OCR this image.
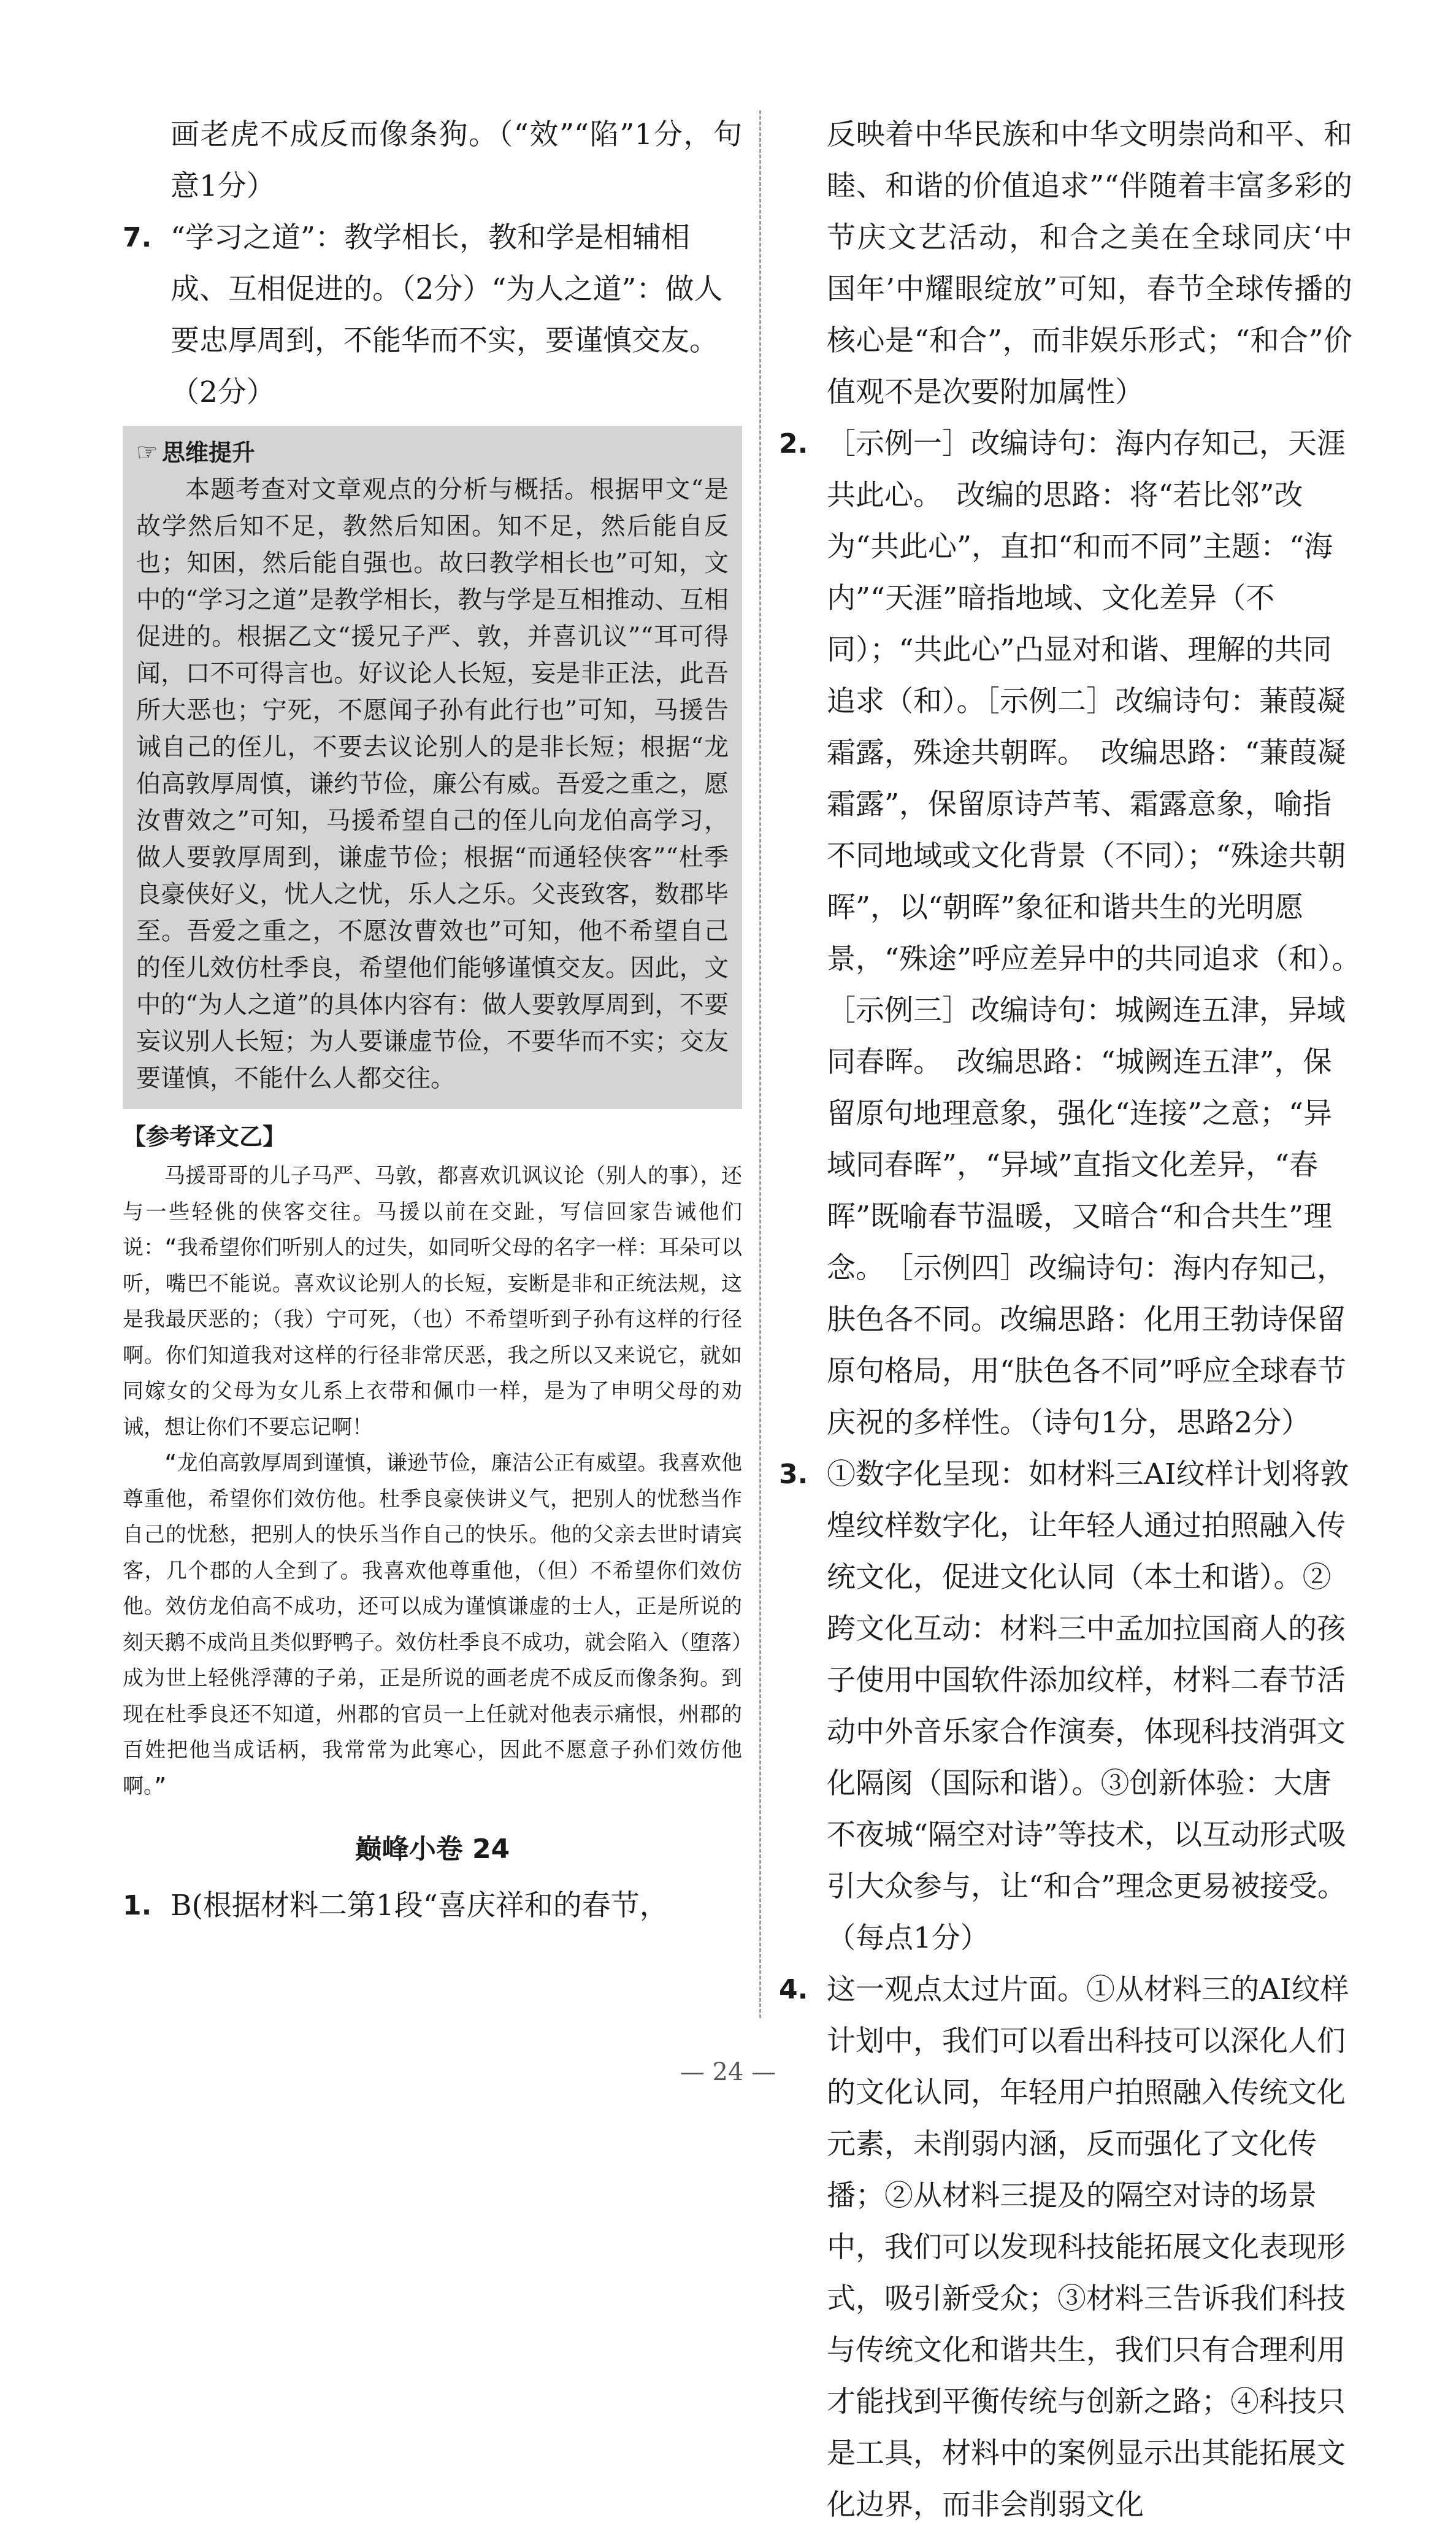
画老虎不成反而像条狗。（“效”“陷”1分，句意1分）

7. “学习之道”：教学相长，教和学是相辅相成、互相促进的。（2分）“为人之道”：做人要忠厚周到，不能华而不实，要谨慎交友。（2分）
☞ 思维提升

本题考查对文章观点的分析与概括。根据甲文“是故学然后知不足，教然后知困。知不足，然后能自反也；知困，然后能自强也。故曰教学相长也”可知，文中的“学习之道”是教学相长，教与学是互相推动、互相促进的。根据乙文“援兄子严、敦，并喜讥议”“耳可得闻，口不可得言也。好议论人长短，妄是非正法，此吾所大恶也；宁死，不愿闻子孙有此行也”可知，马援告诫自己的侄儿，不要去议论别人的是非长短；根据“龙伯高敦厚周慎，谦约节俭，廉公有威。吾爱之重之，愿汝曹效之”可知，马援希望自己的侄儿向龙伯高学习，做人要敦厚周到，谦虚节俭；根据“而通轻侠客”“杜季良豪侠好义，忧人之忧，乐人之乐。父丧致客，数郡毕至。吾爱之重之，不愿汝曹效也”可知，他不希望自己的侄儿效仿杜季良，希望他们能够谨慎交友。因此，文中的“为人之道”的具体内容有：做人要敦厚周到，不要妄议别人长短；为人要谦虚节俭，不要华而不实；交友要谨慎，不能什么人都交往。

【参考译文乙】

马援哥哥的儿子马严、马敦，都喜欢讥讽议论（别人的事），还与一些轻佻的侠客交往。马援以前在交趾，写信回家告诫他们说：“我希望你们听别人的过失，如同听父母的名字一样：耳朵可以听，嘴巴不能说。喜欢议论别人的长短，妄断是非和正统法规，这是我最厌恶的；（我）宁可死，（也）不希望听到子孙有这样的行径啊。你们知道我对这样的行径非常厌恶，我之所以又来说它，就如同嫁女的父母为女儿系上衣带和佩巾一样，是为了申明父母的劝诫，想让你们不要忘记啊！

“龙伯高敦厚周到谨慎，谦逊节俭，廉洁公正有威望。我喜欢他尊重他，希望你们效仿他。杜季良豪侠讲义气，把别人的忧愁当作自己的忧愁，把别人的快乐当作自己的快乐。他的父亲去世时请宾客，几个郡的人全到了。我喜欢他尊重他，（但）不希望你们效仿他。效仿龙伯高不成功，还可以成为谨慎谦虚的士人，正是所说的刻天鹅不成尚且类似野鸭子。效仿杜季良不成功，就会陷入（堕落）成为世上轻佻浮薄的子弟，正是所说的画老虎不成反而像条狗。到现在杜季良还不知道，州郡的官员一上任就对他表示痛恨，州郡的百姓把他当成话柄，我常常为此寒心，因此不愿意子孙们效仿他啊。”

巅峰小卷 24
1. B(根据材料二第1段“喜庆祥和的春节，

反映着中华民族和中华文明崇尚和平、和睦、和谐的价值追求”“伴随着丰富多彩的节庆文艺活动，和合之美在全球同庆‘中国年’中耀眼绽放”可知，春节全球传播的核心是“和合”，而非娱乐形式；“和合”价值观不是次要附加属性）

2. ［示例一］改编诗句：海内存知己，天涯共此心。　改编的思路：将“若比邻”改为“共此心”，直扣“和而不同”主题：“海内”“天涯”暗指地域、文化差异（不同）；“共此心”凸显对和谐、理解的共同追求（和）。［示例二］改编诗句：蒹葭凝霜露，殊途共朝晖。　改编思路：“蒹葭凝霜露”，保留原诗芦苇、霜露意象，喻指不同地域或文化背景（不同）；“殊途共朝晖”，以“朝晖”象征和谐共生的光明愿景，“殊途”呼应差异中的共同追求（和）。　［示例三］改编诗句：城阙连五津，异域同春晖。　改编思路：“城阙连五津”，保留原句地理意象，强化“连接”之意；“异域同春晖”，“异域”直指文化差异，“春晖”既喻春节温暖，又暗合“和合共生”理念。　［示例四］改编诗句：海内存知己，肤色各不同。改编思路：化用王勃诗保留原句格局，用“肤色各不同”呼应全球春节庆祝的多样性。（诗句1分，思路2分）
3. ①数字化呈现：如材料三AI纹样计划将敦煌纹样数字化，让年轻人通过拍照融入传统文化，促进文化认同（本土和谐）。②跨文化互动：材料三中孟加拉国商人的孩子使用中国软件添加纹样，材料二春节活动中外音乐家合作演奏，体现科技消弭文化隔阂（国际和谐）。③创新体验：大唐不夜城“隔空对诗”等技术，以互动形式吸引大众参与，让“和合”理念更易被接受。（每点1分）
4. 这一观点太过片面。①从材料三的AI纹样计划中，我们可以看出科技可以深化人们的文化认同，年轻用户拍照融入传统文化元素，未削弱内涵，反而强化了文化传播；②从材料三提及的隔空对诗的场景中，我们可以发现科技能拓展文化表现形式，吸引新受众；③材料三告诉我们科技与传统文化和谐共生，我们只有合理利用才能找到平衡传统与创新之路；④科技只是工具，材料中的案例显示出其能拓展文化边界，而非会削弱文化
— 24 —
